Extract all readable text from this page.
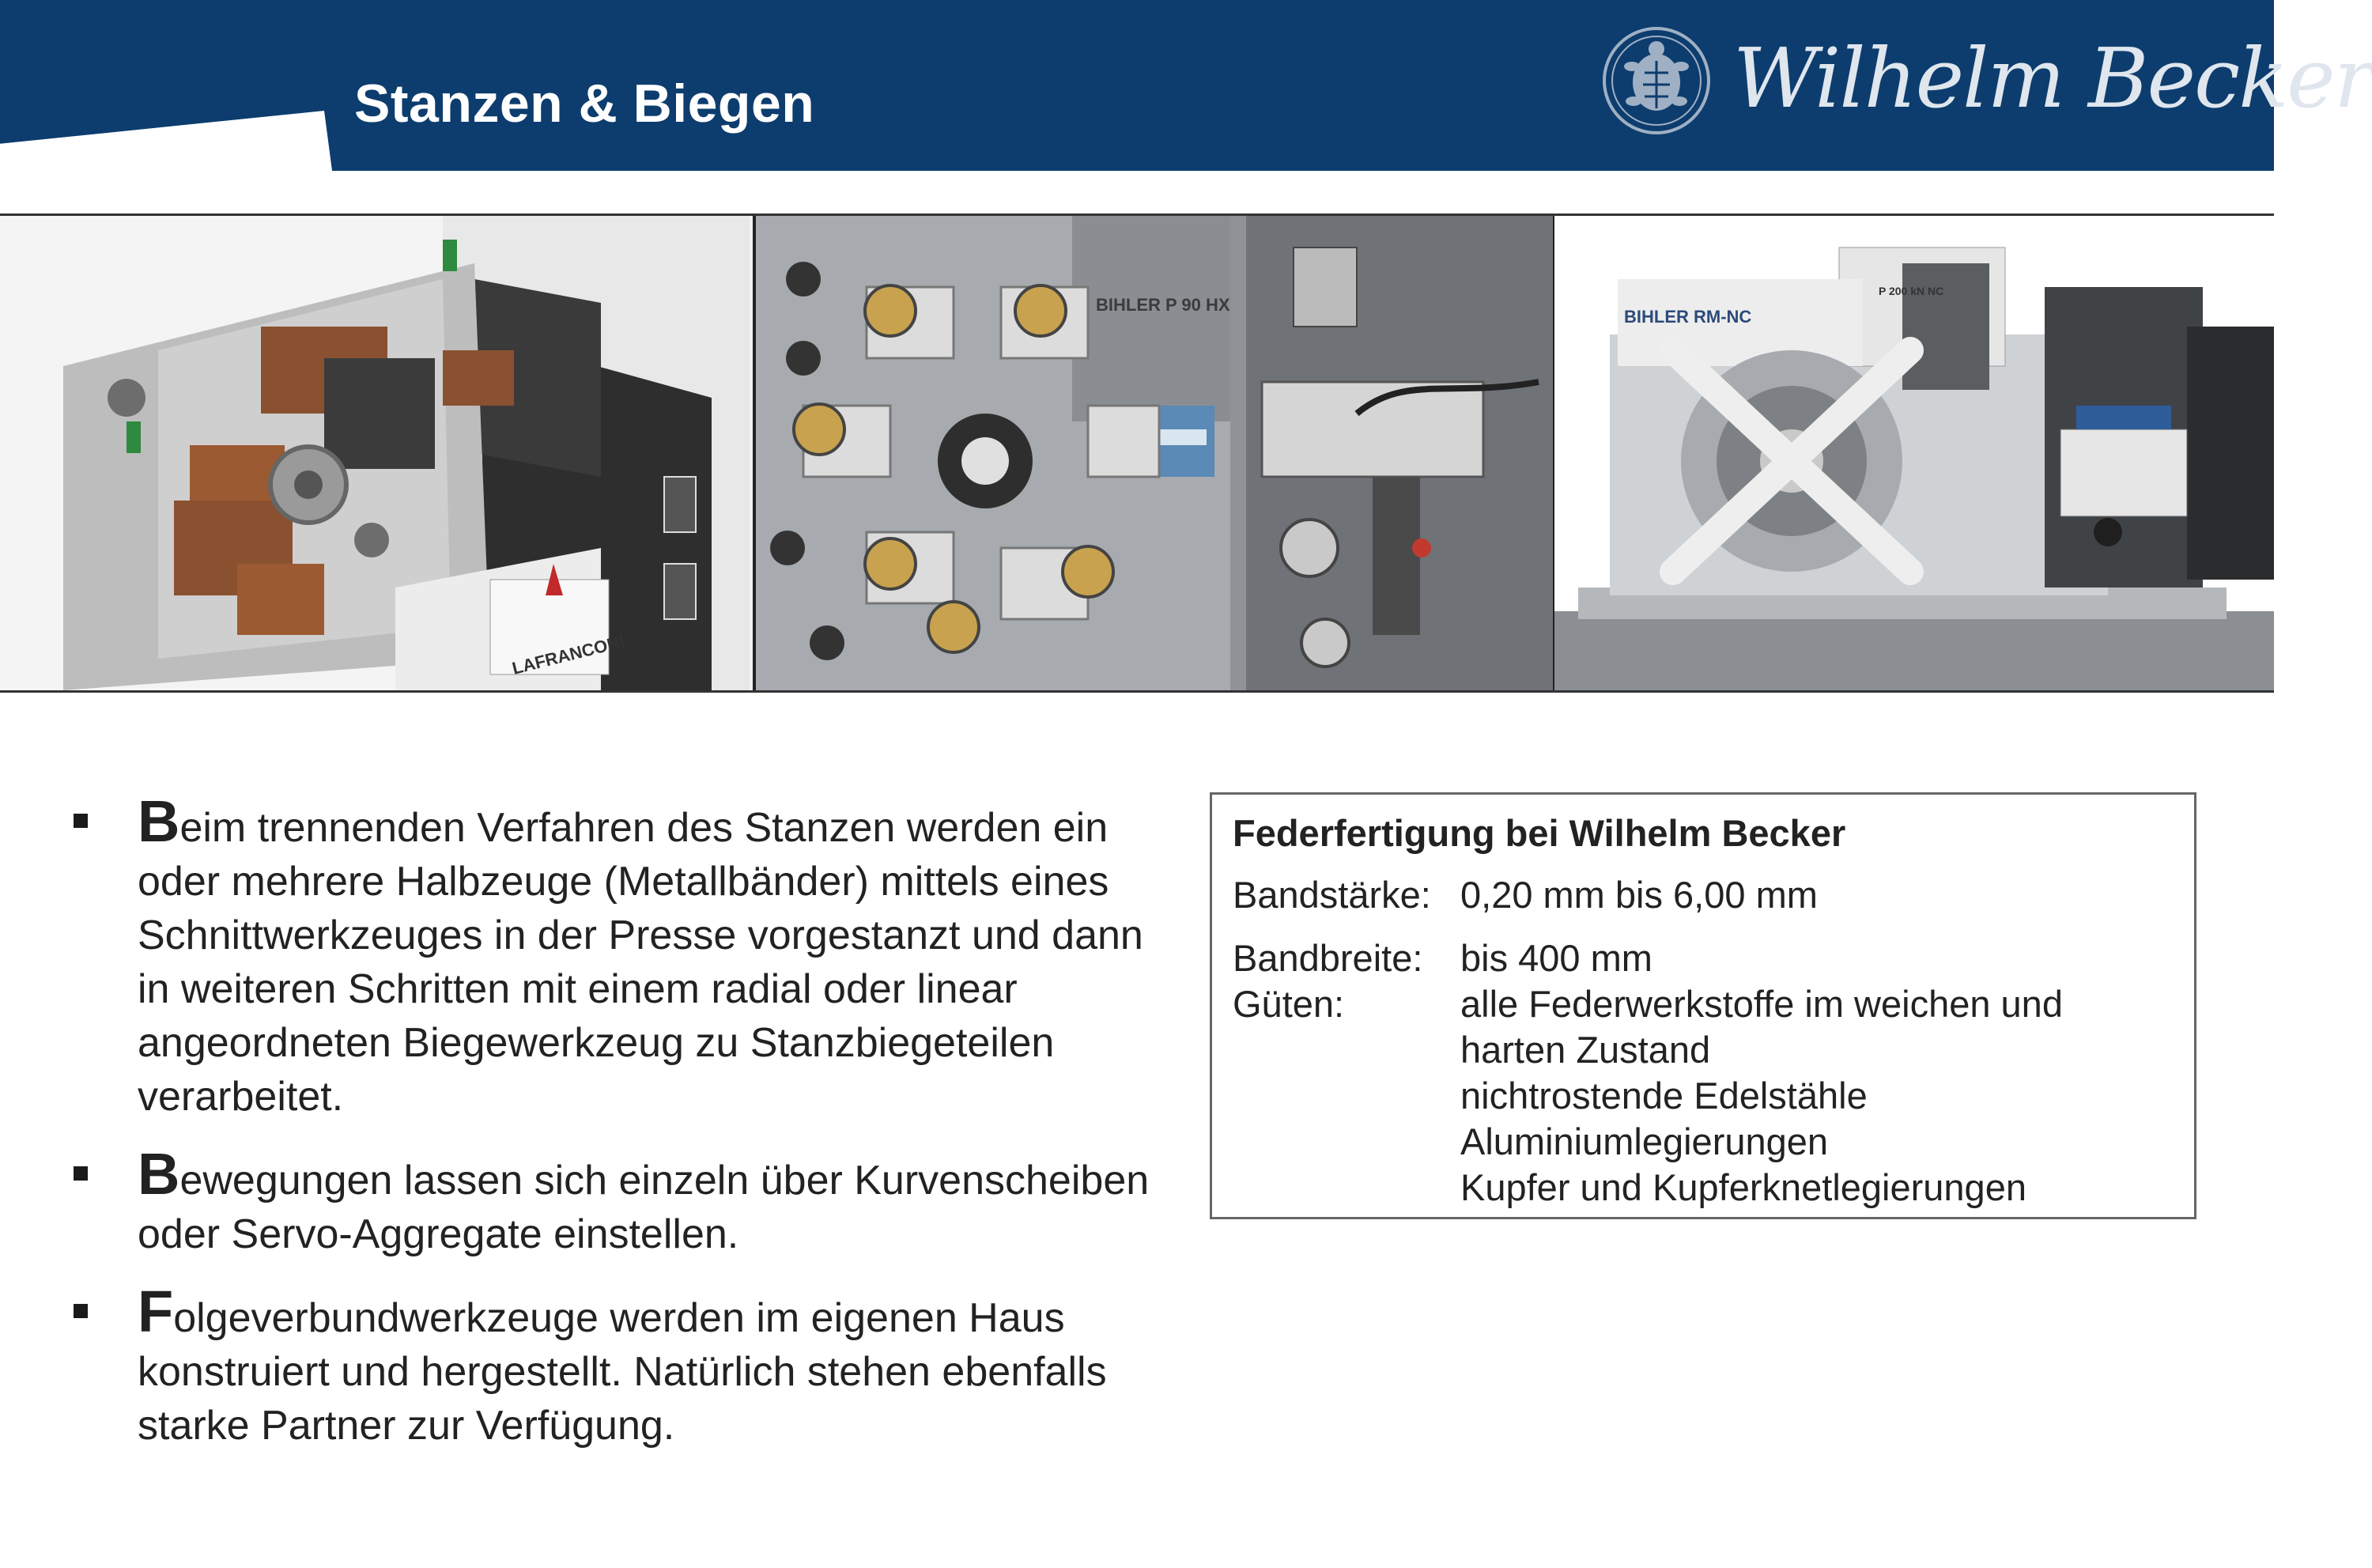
Stanzen & Biegen	Wilhelm Becker
LAFRANCONI
BIHLER P 90 HX
BIHLER RM-NC
P 200 kN NC
Beim trennenden Verfahren des Stanzen werden ein oder mehrere Halbzeuge (Metallbänder) mittels eines Schnittwerkzeuges in der Presse vorgestanzt und dann in weiteren Schritten mit einem radial oder linear angeordneten Biegewerkzeug zu Stanzbiegeteilen verarbeitet.
Bewegungen lassen sich einzeln über Kurvenscheiben oder Servo-Aggregate einstellen.
Folgeverbundwerkzeuge werden im eigenen Haus konstruiert und hergestellt. Natürlich stehen ebenfalls starke Partner zur Verfügung.

Federfertigung bei Wilhelm Becker

Bandstärke: 0,20 mm bis 6,00 mm
Bandbreite:	bis 400 mm
Güten:	alle Federwerkstoffe im weichen und
harten Zustand
nichtrostende Edelstähle
Aluminiumlegierungen
Kupfer und Kupferknetlegierungen
